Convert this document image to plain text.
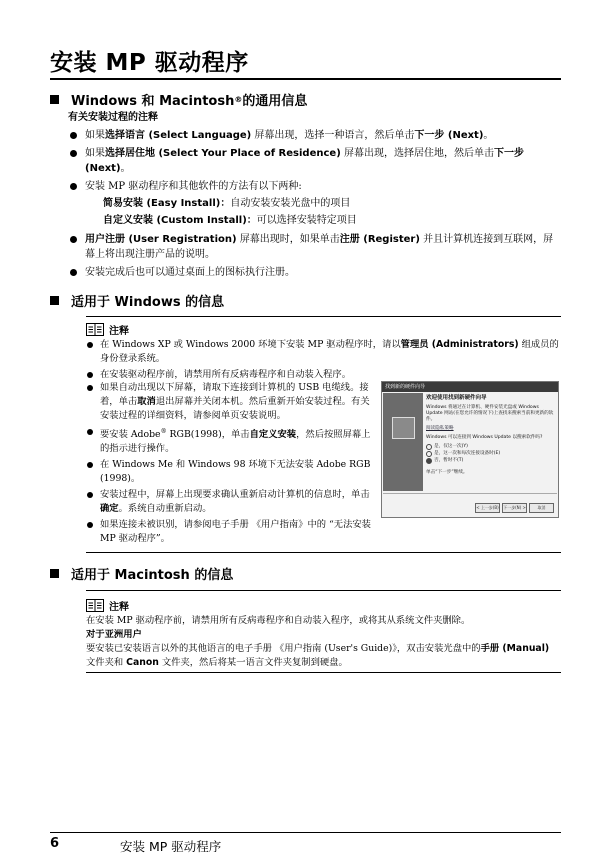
安装 MP 驱动程序
Windows 和 Macintosh ® 的通用信息
有关安装过程的注释
如果选择语言 (Select Language) 屏幕出现，选择一种语言，然后单击下一步 (Next)。
如果选择居住地 (Select Your Place of Residence) 屏幕出现，选择居住地，然后单击下一步 (Next)。
安装 MP 驱动程序和其他软件的方法有以下两种:
简易安装 (Easy Install)：自动安装安装光盘中的项目
自定义安装 (Custom Install)：可以选择安装特定项目
用户注册 (User Registration) 屏幕出现时，如果单击注册 (Register) 并且计算机连接到互联网，屏幕上将出现注册产品的说明。
安装完成后也可以通过桌面上的图标执行注册。
适用于 Windows 的信息
注释
在 Windows XP 或 Windows 2000 环境下安装 MP 驱动程序时，请以管理员 (Administrators) 组成员的身份登录系统。
在安装驱动程序前，请禁用所有反病毒程序和自动装入程序。
如果自动出现以下屏幕，请取下连接到计算机的 USB 电缆线。接着，单击取消退出屏幕并关闭本机。然后重新开始安装过程。有关安装过程的详细资料，请参阅单页安装说明。
要安装 Adobe® RGB(1998)，单击自定义安装，然后按照屏幕上的指示进行操作。
在 Windows Me 和 Windows 98 环境下无法安装 Adobe RGB (1998)。
安装过程中，屏幕上出现要求确认重新启动计算机的信息时，单击确定。系统自动重新启动。
如果连接未被识别，请参阅电子手册 《用户指南》中的 “无法安装 MP 驱动程序”。
找到新的硬件向导
欢迎使用找到新硬件向导

Windows 将通过在计算机、硬件安装光盘或 Windows Update 网站(在您允许的情况下)上查找来搜索当前和更新的软件。

阅读隐私策略

Windows 可以连接到 Windows Update 以搜索软件吗?

是，仅这一次(Y)
是，这一次和每次连接设备时(E)
否，暂时不(T)

单击“下一步”继续。

< 上一步(B)	下一步(N) >	取消
适用于 Macintosh 的信息
注释
在安装 MP 驱动程序前，请禁用所有反病毒程序和自动装入程序，或将其从系统文件夹删除。
对于亚洲用户
要安装已安装语言以外的其他语言的电子手册 《用户指南 (User's Guide)》，双击安装光盘中的手册 (Manual) 文件夹和 Canon 文件夹，然后将某一语言文件夹复制到硬盘。
6	安装 MP 驱动程序
